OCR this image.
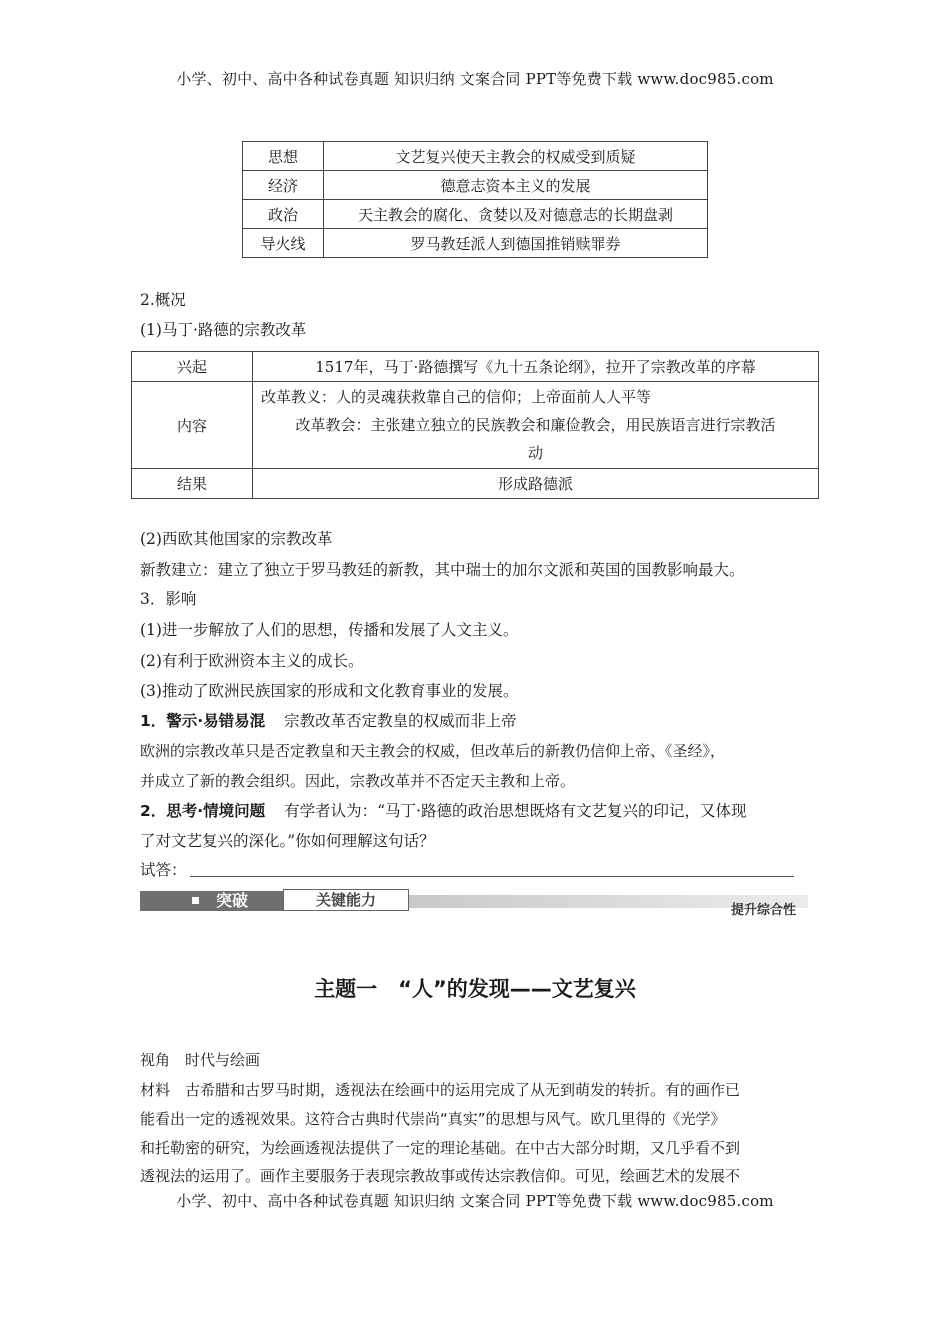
小学、初中、高中各种试卷真题 知识归纳 文案合同 PPT等免费下载 www.doc985.com
思想	文艺复兴使天主教会的权威受到质疑
经济	德意志资本主义的发展
政治	天主教会的腐化、贪婪以及对德意志的长期盘剥
导火线	罗马教廷派人到德国推销赎罪券
2.概况
(1)马丁·路德的宗教改革
兴起	1517年，马丁·路德撰写《九十五条论纲》，拉开了宗教改革的序幕
内容	改革教义：人的灵魂获救靠自己的信仰；上帝面前人人平等
改革教会：主张建立独立的民族教会和廉俭教会，用民族语言进行宗教活
动

结果	形成路德派
(2)西欧其他国家的宗教改革
新教建立：建立了独立于罗马教廷的新教，其中瑞士的加尔文派和英国的国教影响最大。
3．影响
(1)进一步解放了人们的思想，传播和发展了人文主义。
(2)有利于欧洲资本主义的成长。
(3)推动了欧洲民族国家的形成和文化教育事业的发展。
1．警示·易错易混 宗教改革否定教皇的权威而非上帝
欧洲的宗教改革只是否定教皇和天主教会的权威，但改革后的新教仍信仰上帝、《圣经》，
并成立了新的教会组织。因此，宗教改革并不否定天主教和上帝。
2．思考·情境问题 有学者认为：“马丁·路德的政治思想既烙有文艺复兴的印记，又体现
了对文艺复兴的深化。”你如何理解这句话？
试答：
突破	关键能力
提升综合性
主题一　“人”的发现——文艺复兴
视角　时代与绘画
材料　古希腊和古罗马时期，透视法在绘画中的运用完成了从无到萌发的转折。有的画作已
能看出一定的透视效果。这符合古典时代崇尚“真实”的思想与风气。欧几里得的《光学》
和托勒密的研究，为绘画透视法提供了一定的理论基础。在中古大部分时期，又几乎看不到
透视法的运用了。画作主要服务于表现宗教故事或传达宗教信仰。可见，绘画艺术的发展不
小学、初中、高中各种试卷真题 知识归纳 文案合同 PPT等免费下载 www.doc985.com
